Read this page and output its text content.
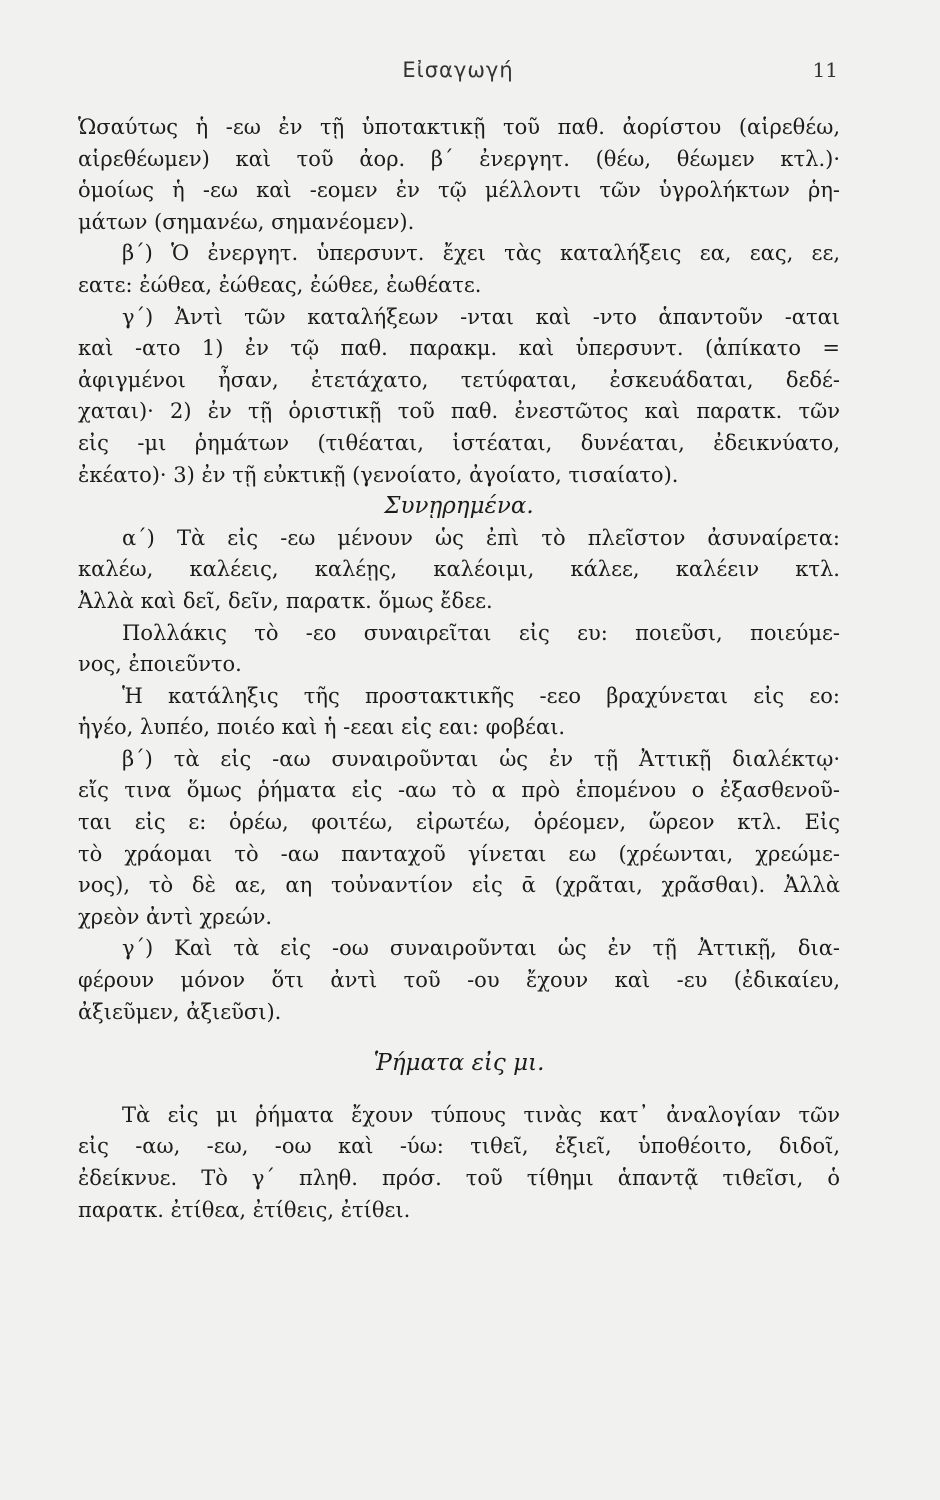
Εἰσαγωγή	11
Ὡσαύτως ἡ -εω ἐν τῇ ὑποτακτικῇ τοῦ παθ. ἀορίστου (αἱρεθέω,
αἱρεθέωμεν) καὶ τοῦ ἀορ. β΄ ἐνεργητ. (θέω, θέωμεν κτλ.)·
ὁμοίως ἡ -εω καὶ -εομεν ἐν τῷ μέλλοντι τῶν ὑγρολήκτων ῥη-
μάτων (σημανέω, σημανέομεν).
β΄) Ὁ ἐνεργητ. ὑπερσυντ. ἔχει τὰς καταλήξεις εα, εας, εε,
εατε: ἐώθεα, ἐώθεας, ἐώθεε, ἐωθέατε.
γ΄) Ἀντὶ τῶν καταλήξεων -νται καὶ -ντο ἁπαντοῦν -αται
καὶ -ατο 1) ἐν τῷ παθ. παρακμ. καὶ ὑπερσυντ. (ἀπίκατο =
ἀφιγμένοι ἦσαν, ἐτετάχατο, τετύφαται, ἐσκευάδαται, δεδέ-
χαται)· 2) ἐν τῇ ὁριστικῇ τοῦ παθ. ἐνεστῶτος καὶ παρατκ. τῶν
εἰς -μι ῥημάτων (τιθέαται, ἱστέαται, δυνέαται, ἐδεικνύατο,
ἐκέατο)· 3) ἐν τῇ εὐκτικῇ (γενοίατο, ἀγοίατο, τισαίατο).
Συνῃρημένα.
α΄) Τὰ εἰς -εω μένουν ὡς ἐπὶ τὸ πλεῖστον ἀσυναίρετα:
καλέω, καλέεις, καλέῃς, καλέοιμι, κάλεε, καλέειν κτλ.
Ἀλλὰ καὶ δεῖ, δεῖν, παρατκ. ὅμως ἔδεε.
Πολλάκις τὸ -εο συναιρεῖται εἰς ευ: ποιεῦσι, ποιεύμε-
νος, ἐποιεῦντο.
Ἡ κατάληξις τῆς προστακτικῆς -εεο βραχύνεται εἰς εο:
ἡγέο, λυπέο, ποιέο καὶ ἡ -εεαι εἰς εαι: φοβέαι.
β΄) τὰ εἰς -αω συναιροῦνται ὡς ἐν τῇ Ἀττικῇ διαλέκτῳ·
εἴς τινα ὅμως ῥήματα εἰς -αω τὸ α πρὸ ἑπομένου ο ἐξασθενοῦ-
ται εἰς ε: ὁρέω, φοιτέω, εἰρωτέω, ὁρέομεν, ὥρεον κτλ. Εἰς
τὸ χράομαι τὸ -αω πανταχοῦ γίνεται εω (χρέωνται, χρεώμε-
νος), τὸ δὲ αε, αη τοὐναντίον εἰς ᾱ (χρᾶται, χρᾶσθαι). Ἀλλὰ
χρεὸν ἀντὶ χρεών.
γ΄) Καὶ τὰ εἰς -οω συναιροῦνται ὡς ἐν τῇ Ἀττικῇ, δια-
φέρουν μόνον ὅτι ἀντὶ τοῦ -ου ἔχουν καὶ -ευ (ἐδικαίευ,
ἀξιεῦμεν, ἀξιεῦσι).
Ῥήματα εἰς μι.
Τὰ εἰς μι ῥήματα ἔχουν τύπους τινὰς κατ᾽ ἀναλογίαν τῶν
εἰς -αω, -εω, -οω καὶ -ύω: τιθεῖ, ἐξιεῖ, ὑποθέοιτο, διδοῖ,
ἐδείκνυε. Τὸ γ΄ πληθ. πρόσ. τοῦ τίθημι ἁπαντᾷ τιθεῖσι, ὁ
παρατκ. ἐτίθεα, ἐτίθεις, ἐτίθει.
